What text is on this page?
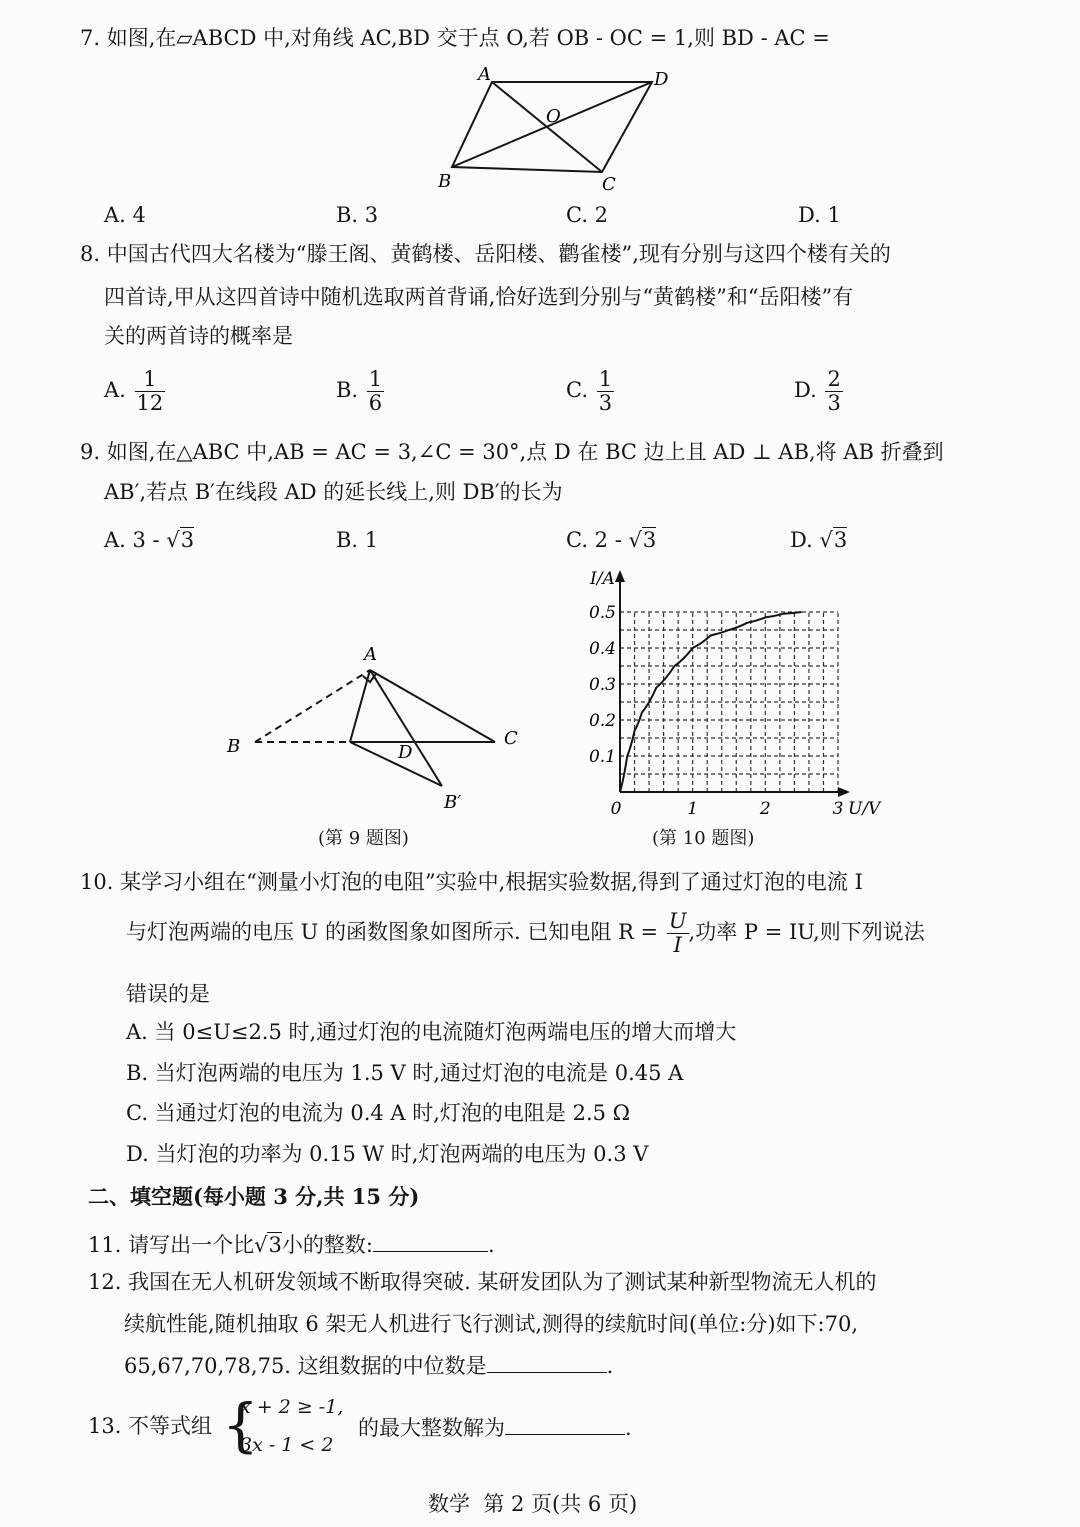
7. 如图,在▱ABCD 中,对角线 AC,BD 交于点 O,若 OB - OC = 1,则 BD - AC =
A	D
O
B	C
A. 4	B. 3	C. 2	D. 1
8. 中国古代四大名楼为“滕王阁、黄鹤楼、岳阳楼、鹳雀楼”,现有分别与这四个楼有关的
四首诗,甲从这四首诗中随机选取两首背诵,恰好选到分别与“黄鹤楼”和“岳阳楼”有
关的两首诗的概率是
A. $\frac{1}{12}$	B. $\frac{1}{6}$	C. $\frac{1}{3}$	D. $\frac{2}{3}$
9. 如图,在△ABC 中,AB = AC = 3,∠C = 30°,点 D 在 BC 边上且 AD ⊥ AB,将 AB 折叠到
AB′,若点 B′在线段 AD 的延长线上,则 DB′的长为
A. 3 - √3	B. 1	C. 2 - √3	D. √3
A
B	C
D
B′
(第 9 题图)
0	1	2	3
0.1
0.2
0.3
0.4
0.5
U/V
I/A
(第 10 题图)
10. 某学习小组在“测量小灯泡的电阻”实验中,根据实验数据,得到了通过灯泡的电流 I
与灯泡两端的电压 U 的函数图象如图所示. 已知电阻 $R = \frac{U}{I}$ ,功率 P = IU,则下列说法
错误的是
A. 当 0≤U≤2.5 时,通过灯泡的电流随灯泡两端电压的增大而增大
B. 当灯泡两端的电压为 1.5 V 时,通过灯泡的电流是 0.45 A
C. 当通过灯泡的电流为 0.4 A 时,灯泡的电阻是 2.5 Ω
D. 当灯泡的功率为 0.15 W 时,灯泡两端的电压为 0.3 V
二、填空题(每小题 3 分,共 15 分)
11. 请写出一个比√3小的整数:	.
12. 我国在无人机研发领域不断取得突破. 某研发团队为了测试某种新型物流无人机的
续航性能,随机抽取 6 架无人机进行飞行测试,测得的续航时间(单位:分)如下:70,
65,67,70,78,75. 这组数据的中位数是	.
13. 不等式组 {
x + 2 ≥ -1,
3x - 1 < 2
的最大整数解为	.
数学  第 2 页(共 6 页)
